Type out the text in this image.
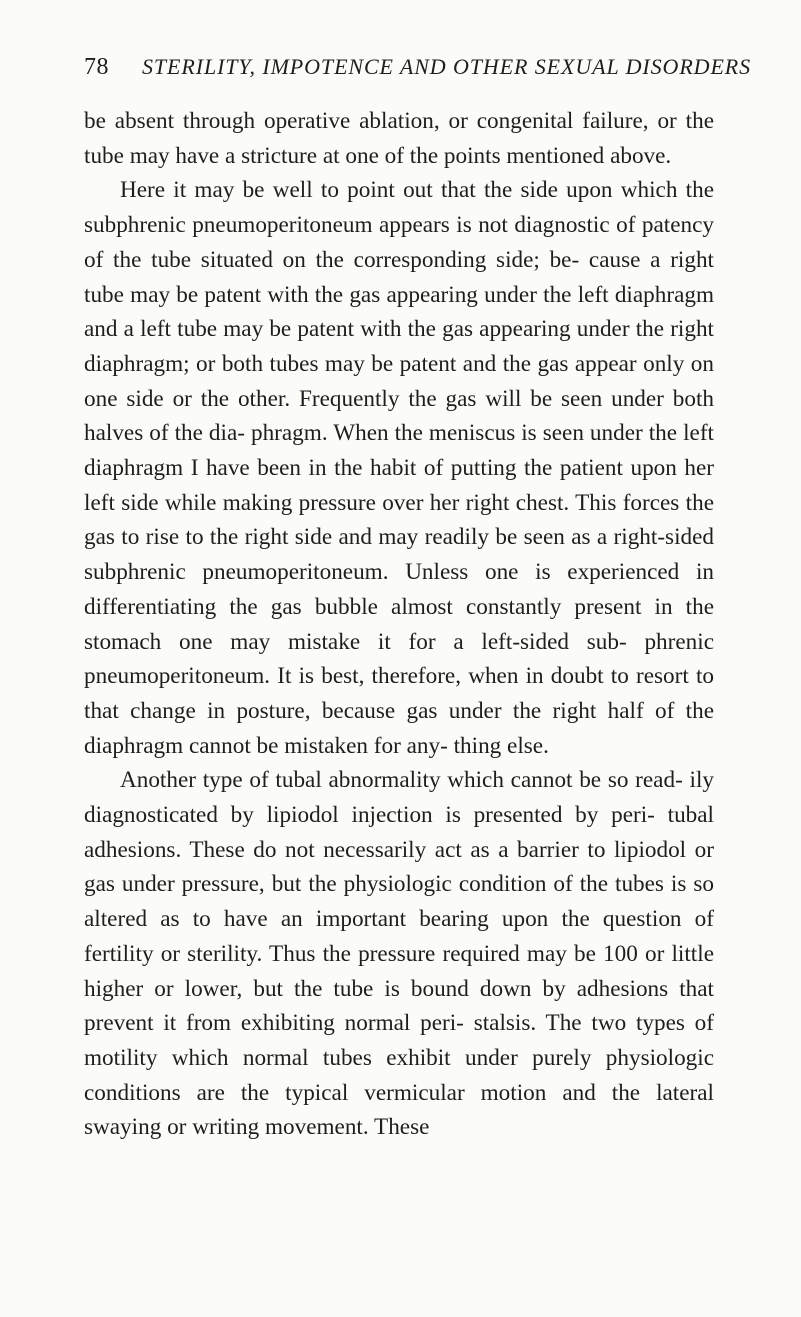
78 STERILITY, IMPOTENCE AND OTHER SEXUAL DISORDERS

be absent through operative ablation, or congenital failure, or the tube may have a stricture at one of the points mentioned above.

Here it may be well to point out that the side upon which the subphrenic pneumoperitoneum appears is not diagnostic of patency of the tube situated on the corresponding side; be- cause a right tube may be patent with the gas appearing under the left diaphragm and a left tube may be patent with the gas appearing under the right diaphragm; or both tubes may be patent and the gas appear only on one side or the other. Frequently the gas will be seen under both halves of the dia- phragm. When the meniscus is seen under the left diaphragm I have been in the habit of putting the patient upon her left side while making pressure over her right chest. This forces the gas to rise to the right side and may readily be seen as a right-sided subphrenic pneumoperitoneum. Unless one is experienced in differentiating the gas bubble almost constantly present in the stomach one may mistake it for a left-sided sub- phrenic pneumoperitoneum. It is best, therefore, when in doubt to resort to that change in posture, because gas under the right half of the diaphragm cannot be mistaken for any- thing else.

Another type of tubal abnormality which cannot be so read- ily diagnosticated by lipiodol injection is presented by peri- tubal adhesions. These do not necessarily act as a barrier to lipiodol or gas under pressure, but the physiologic condition of the tubes is so altered as to have an important bearing upon the question of fertility or sterility. Thus the pressure required may be 100 or little higher or lower, but the tube is bound down by adhesions that prevent it from exhibiting normal peri- stalsis. The two types of motility which normal tubes exhibit under purely physiologic conditions are the typical vermicular motion and the lateral swaying or writing movement. These
